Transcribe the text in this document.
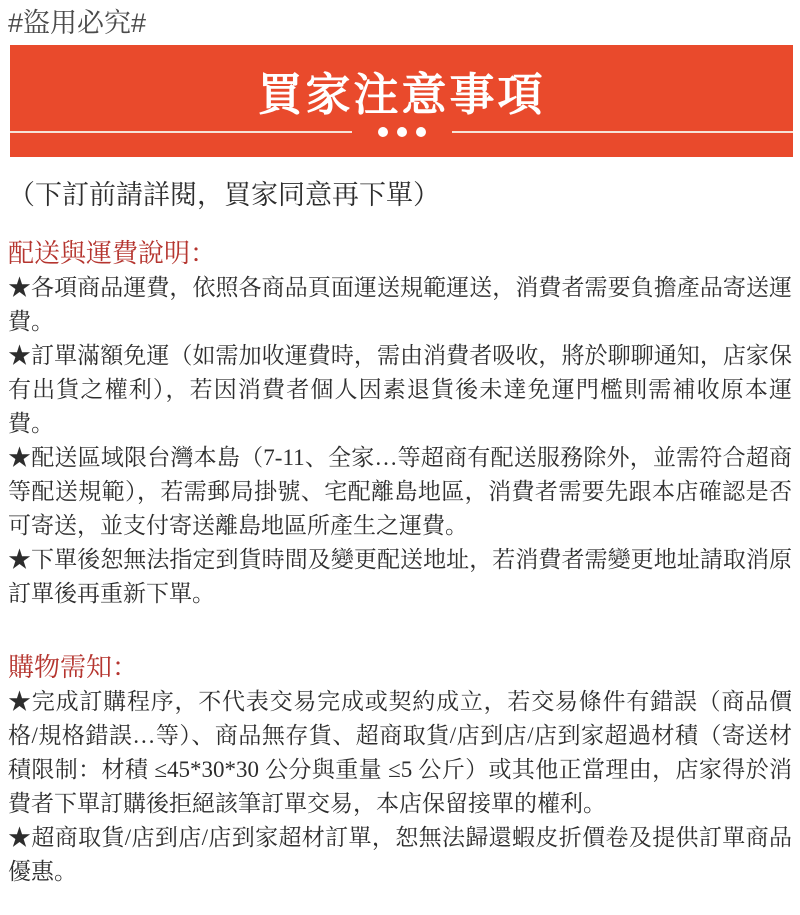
#盜用必究#
買家注意事項
（下訂前請詳閱，買家同意再下單）
配送與運費說明：

★各項商品運費，依照各商品頁面運送規範運送，消費者需要負擔產品寄送運費。

★訂單滿額免運（如需加收運費時，需由消費者吸收，將於聊聊通知，店家保有出貨之權利），若因消費者個人因素退貨後未達免運門檻則需補收原本運費。

★配送區域限台灣本島（7-11、全家…等超商有配送服務除外，並需符合超商等配送規範），若需郵局掛號、宅配離島地區，消費者需要先跟本店確認是否可寄送，並支付寄送離島地區所產生之運費。

★下單後恕無法指定到貨時間及變更配送地址，若消費者需變更地址請取消原訂單後再重新下單。

購物需知：

★完成訂購程序，不代表交易完成或契約成立，若交易條件有錯誤（商品價格/規格錯誤…等）、商品無存貨、超商取貨/店到店/店到家超過材積（寄送材積限制：材積 ≤45*30*30 公分與重量 ≤5 公斤）或其他正當理由，店家得於消費者下單訂購後拒絕該筆訂單交易，本店保留接單的權利。

★超商取貨/店到店/店到家超材訂單，恕無法歸還蝦皮折價卷及提供訂單商品優惠。
